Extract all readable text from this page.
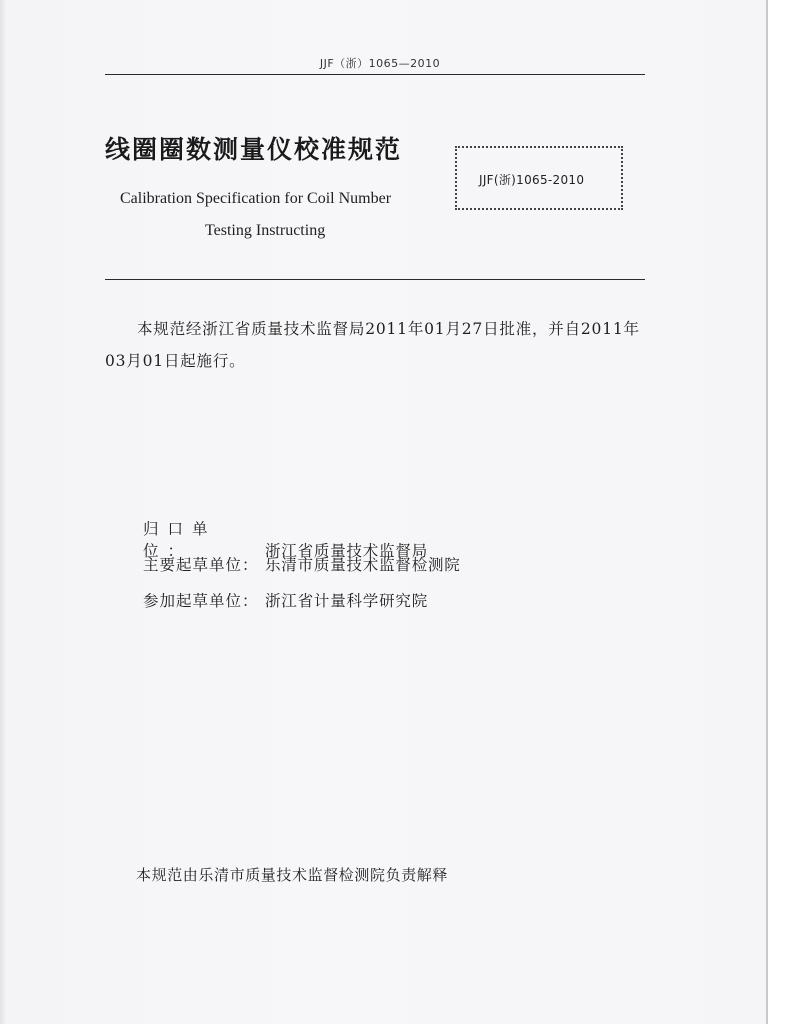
JJF（浙）1065—2010
线圈圈数测量仪校准规范
JJF(浙)1065-2010
Calibration Specification for Coil Number
Testing Instructing
本规范经浙江省质量技术监督局2011年01月27日批准，并自2011年03月01日起施行。
归口单位：	浙江省质量技术监督局
主要起草单位： 乐清市质量技术监督检测院
参加起草单位： 浙江省计量科学研究院
本规范由乐清市质量技术监督检测院负责解释
